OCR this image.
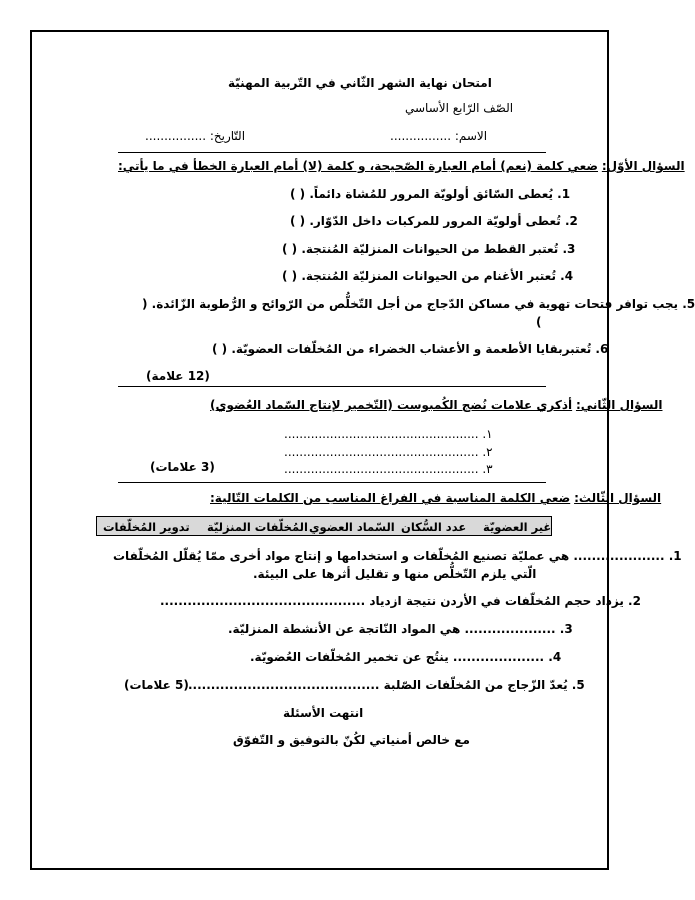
امتحان نهاية الشهر الثّاني في التّربية المهنيّة
الصّف الرّابع الأساسي
الاسم: ................
التّاريخ: ................
السؤال الأوّل: ضعي كلمة (نعم) أمام العبارة الصّحيحة، و كلمة (لا) أمام العبارة الخطأ في ما يأتي:
1. يُعطى السّائق أولويّة المرور للمُشاة دائماً. ( )
2. تُعطى أولويّة المرور للمركبات داخل الدّوّار. ( )
3. تُعتبر القطط من الحيوانات المنزليّة المُنتجة. ( )
4. تُعتبر الأغنام من الحيوانات المنزليّة المُنتجة. ( )
5. يجب توافر فتحات تهوية في مساكن الدّجاج من أجل التّخلُّص من الرّوائح و الرُّطوبة الزّائدة. (
)
6. تُعتبربقايا الأطعمة و الأعشاب الخضراء من المُخلّفات العضويّة. ( )
(12 علامة)
السؤال الثّاني: أذكري علامات نُضج الكُمبوست (التّخمير لإنتاج السّماد العُضوي)
١. ...................................................
٢. ...................................................
٣. ...................................................
(3 علامات)
السؤال الثّالث: ضعي الكلمة المناسبة في الفراغ المناسب من الكلمات التّالية:
غير العضويّة
عدد السُّكان
السّماد العضوي
المُخلّفات المنزليّة
تدوير المُخلّفات
1. .................... هي عمليّة تصنيع المُخلّفات و استخدامها و إنتاج مواد أخرى ممّا يُقلّل المُخلّفات
الّتي يلزم التّخلُّص منها و تقليل أثرها على البيئة.
2. يزداد حجم المُخلّفات في الأردن نتيجة ازدياد .............................................
3. .................... هي المواد النّاتجة عن الأنشطة المنزليّة.
4. .................... ينتُج عن تخمير المُخلّفات العُضويّة.
5. يُعدّ الزّجاج من المُخلّفات الصّلبة ..........................................
(5 علامات)
انتهت الأسئلة
مع خالص أمنياتي لكُنّ بالتوفيق و التّفوّق
